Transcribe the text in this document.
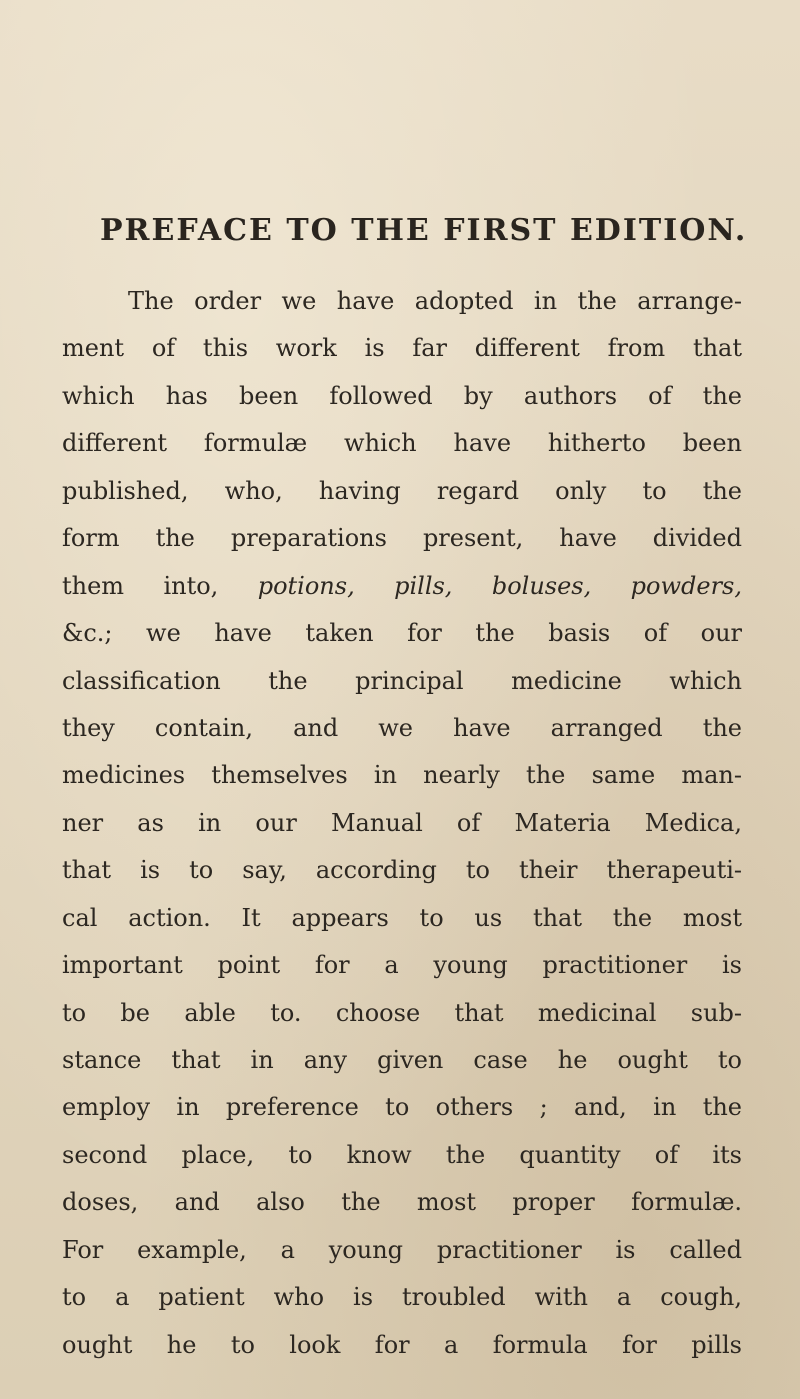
PREFACE TO THE FIRST EDITION.
The order we have adopted in the arrange-
ment of this work is far different from that
which has been followed by authors of the
different formulæ which have hitherto been
published, who, having regard only to the
form the preparations present, have divided
them into, potions, pills, boluses, powders,
&c.; we have taken for the basis of our
classification the principal medicine which
they contain, and we have arranged the
medicines themselves in nearly the same man-
ner as in our Manual of Materia Medica,
that is to say, according to their therapeuti-
cal action. It appears to us that the most
important point for a young practitioner is
to be able to. choose that medicinal sub-
stance that in any given case he ought to
employ in preference to others ; and, in the
second place, to know the quantity of its
doses, and also the most proper formulæ.
For example, a young practitioner is called
to a patient who is troubled with a cough,
ought he to look for a formula for pills
